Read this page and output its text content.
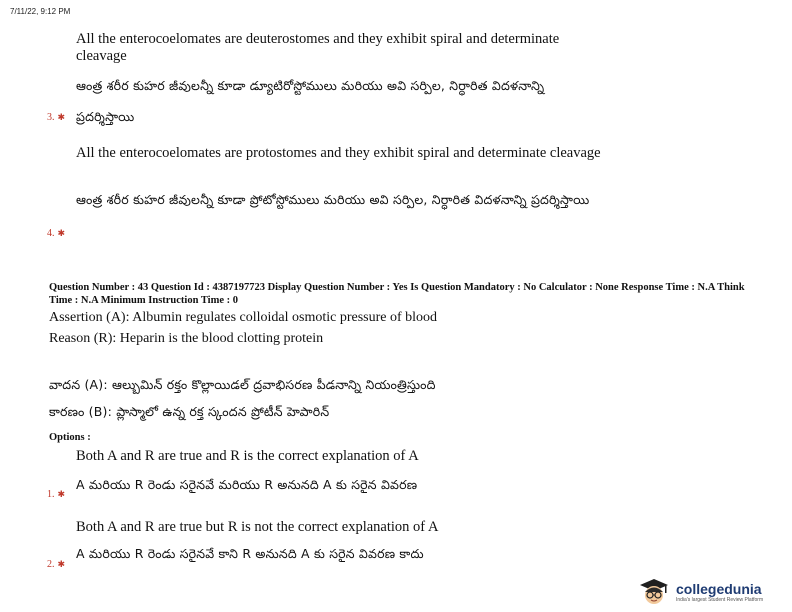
7/11/22, 9:12 PM
All the enterocoelomates are deuterostomes and they exhibit spiral and determinate cleavage
ఆంత్ర శరీర కుహర జీవులన్నీ కూడా డ్యూటిరోస్టోములు మరియు అవి సర్పిల, నిర్ధారిత విదళనాన్ని ప్రదర్శిస్తాయి
3. ✱
All the enterocoelomates are protostomes and they exhibit spiral and determinate cleavage
ఆంత్ర శరీర కుహర జీవులన్నీ కూడా ప్రోటోస్టోములు మరియు అవి సర్పిల, నిర్ధారిత విదళనాన్ని ప్రదర్శిస్తాయి
4. ✱
Question Number : 43 Question Id : 4387197723 Display Question Number : Yes Is Question Mandatory : No Calculator : None Response Time : N.A Think Time : N.A Minimum Instruction Time : 0
Assertion (A): Albumin regulates colloidal osmotic pressure of blood
Reason (R): Heparin is the blood clotting protein
వాదన (A): ఆల్బుమిన్ రక్తం కొల్లాయిడల్ ద్రవాభిసరణ పీడనాన్ని నియంత్రిస్తుంది
కారణం (B): ప్లాస్మాలో ఉన్న రక్త స్కందన ప్రోటీన్ హెపారిన్
Options :
Both A and R are true and R is the correct explanation of A
A మరియు R రెండు సరైనవే మరియు R అనునది A కు సరైన వివరణ
1. ✱
Both A and R are true but R is not the correct explanation of A
A మరియు R రెండు సరైనవే కాని R అనునది A కు సరైన వివరణ కాదు
2. ✱
collegedunia
India's largest Student Review Platform
